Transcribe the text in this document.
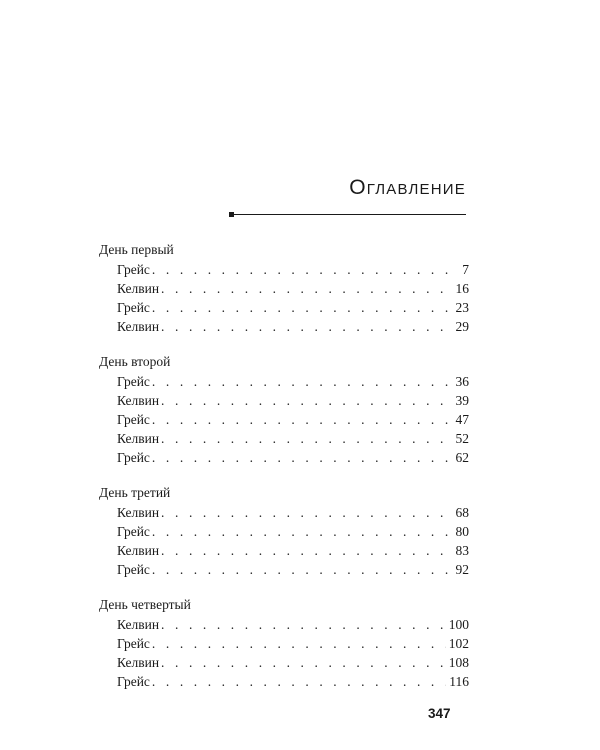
Оглавление
День первый
Грейс . . .	7
Келвин . . .	16
Грейс . . .	23
Келвин . . .	29
День второй
Грейс . . .	36
Келвин . . .	39
Грейс . . .	47
Келвин . . .	52
Грейс . . .	62
День третий
Келвин . . .	68
Грейс . . .	80
Келвин . . .	83
Грейс . . .	92
День четвертый
Келвин . . .	100
Грейс . . .	102
Келвин . . .	108
Грейс . . .	116
347
